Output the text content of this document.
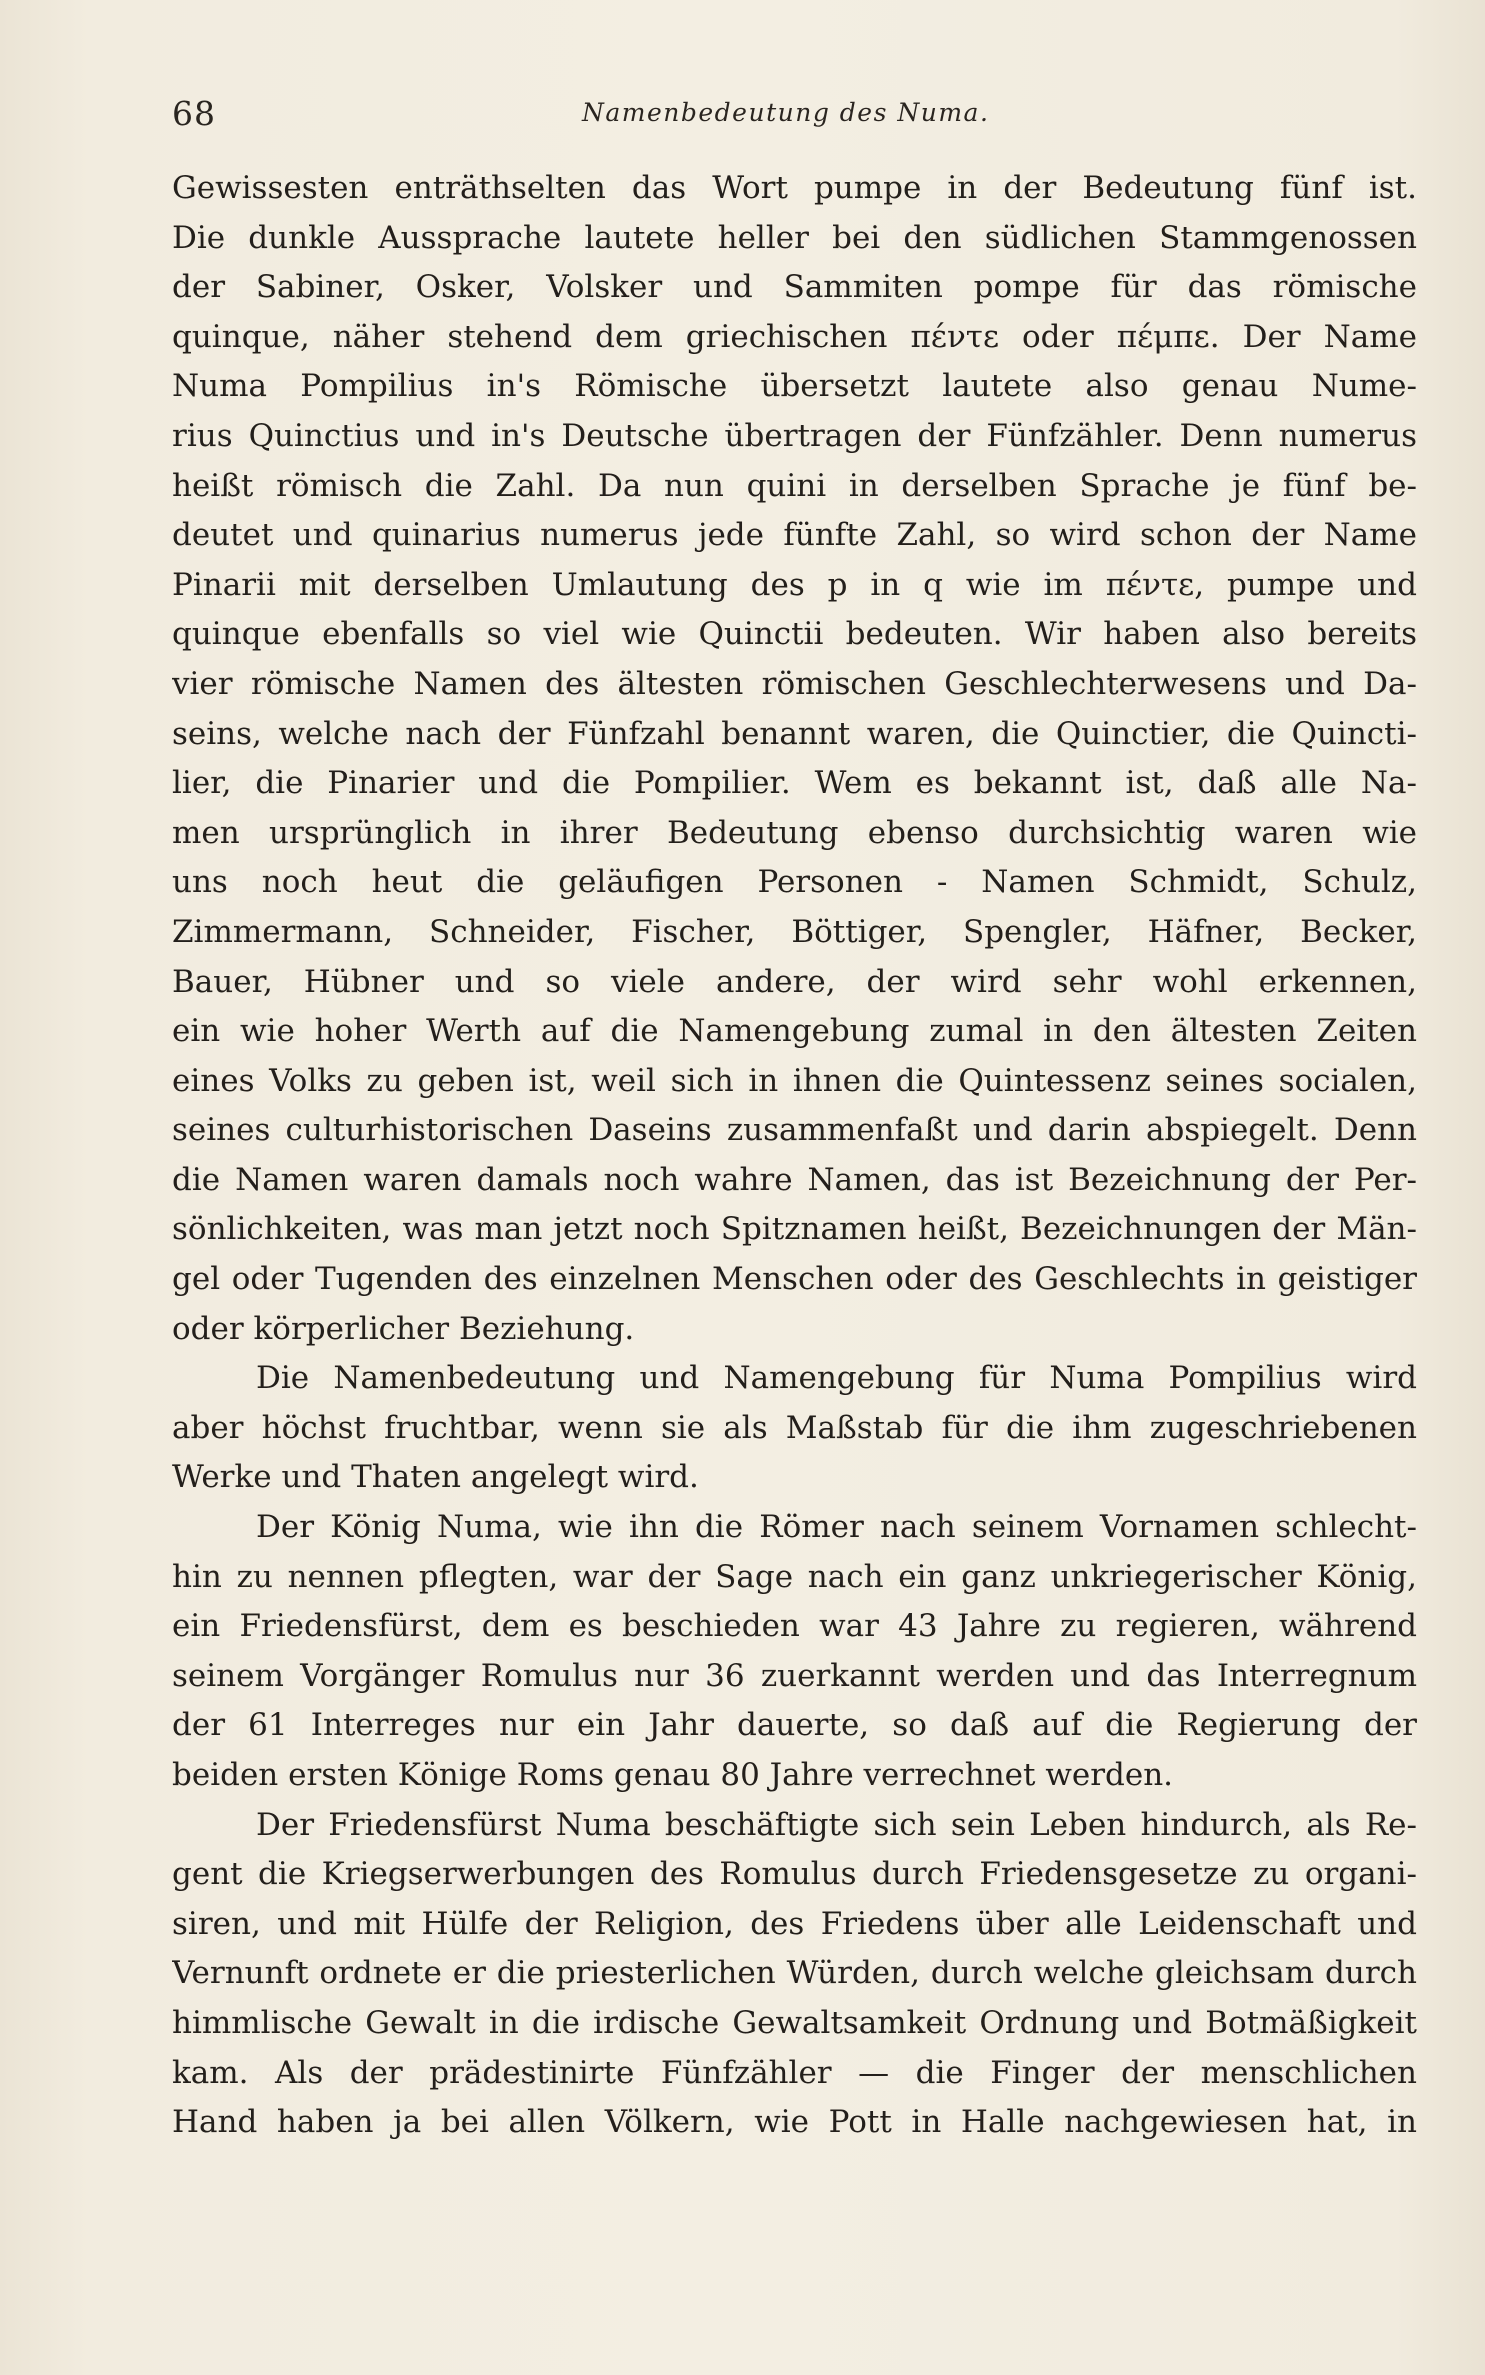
68	Namenbedeutung des Numa.
Gewissesten enträthselten das Wort pumpe in der Bedeutung fünf ist.
Die dunkle Aussprache lautete heller bei den südlichen Stammgenossen
der Sabiner, Osker, Volsker und Sammiten pompe für das römische
quinque, näher stehend dem griechischen πέντε oder πέμπε. Der Name
Numa Pompilius in's Römische übersetzt lautete also genau Nume-
rius Quinctius und in's Deutsche übertragen der Fünfzähler. Denn numerus
heißt römisch die Zahl. Da nun quini in derselben Sprache je fünf be-
deutet und quinarius numerus jede fünfte Zahl, so wird schon der Name
Pinarii mit derselben Umlautung des p in q wie im πέντε, pumpe und
quinque ebenfalls so viel wie Quinctii bedeuten. Wir haben also bereits
vier römische Namen des ältesten römischen Geschlechterwesens und Da-
seins, welche nach der Fünfzahl benannt waren, die Quinctier, die Quincti-
lier, die Pinarier und die Pompilier. Wem es bekannt ist, daß alle Na-
men ursprünglich in ihrer Bedeutung ebenso durchsichtig waren wie
uns noch heut die geläufigen Personen - Namen Schmidt, Schulz,
Zimmermann, Schneider, Fischer, Böttiger, Spengler, Häfner, Becker,
Bauer, Hübner und so viele andere, der wird sehr wohl erkennen,
ein wie hoher Werth auf die Namengebung zumal in den ältesten Zeiten
eines Volks zu geben ist, weil sich in ihnen die Quintessenz seines socialen,
seines culturhistorischen Daseins zusammenfaßt und darin abspiegelt. Denn
die Namen waren damals noch wahre Namen, das ist Bezeichnung der Per-
sönlichkeiten, was man jetzt noch Spitznamen heißt, Bezeichnungen der Män-
gel oder Tugenden des einzelnen Menschen oder des Geschlechts in geistiger
oder körperlicher Beziehung.
Die Namenbedeutung und Namengebung für Numa Pompilius wird
aber höchst fruchtbar, wenn sie als Maßstab für die ihm zugeschriebenen
Werke und Thaten angelegt wird.
Der König Numa, wie ihn die Römer nach seinem Vornamen schlecht-
hin zu nennen pflegten, war der Sage nach ein ganz unkriegerischer König,
ein Friedensfürst, dem es beschieden war 43 Jahre zu regieren, während
seinem Vorgänger Romulus nur 36 zuerkannt werden und das Interregnum
der 61 Interreges nur ein Jahr dauerte, so daß auf die Regierung der
beiden ersten Könige Roms genau 80 Jahre verrechnet werden.
Der Friedensfürst Numa beschäftigte sich sein Leben hindurch, als Re-
gent die Kriegserwerbungen des Romulus durch Friedensgesetze zu organi-
siren, und mit Hülfe der Religion, des Friedens über alle Leidenschaft und
Vernunft ordnete er die priesterlichen Würden, durch welche gleichsam durch
himmlische Gewalt in die irdische Gewaltsamkeit Ordnung und Botmäßigkeit
kam. Als der prädestinirte Fünfzähler — die Finger der menschlichen
Hand haben ja bei allen Völkern, wie Pott in Halle nachgewiesen hat, in
